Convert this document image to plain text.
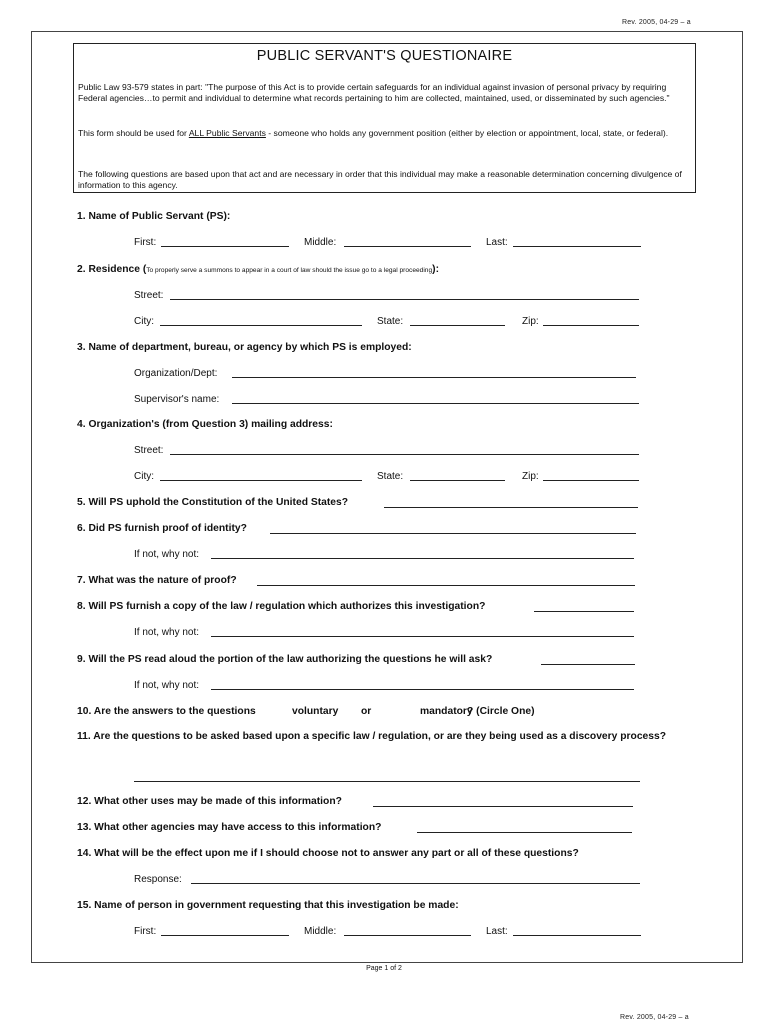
Rev. 2005, 04-29 – a
PUBLIC SERVANT'S QUESTIONAIRE
Public Law 93-579 states in part: "The purpose of this Act is to provide certain safeguards for an individual against invasion of personal privacy by requiring Federal agencies…to permit and individual to determine what records pertaining to him are collected, maintained, used, or disseminated by such agencies."
This form should be used for ALL Public Servants - someone who holds any government position (either by election or appointment, local, state, or federal).
The following questions are based upon that act and are necessary in order that this individual may make a reasonable determination concerning divulgence of information to this agency.
1. Name of Public Servant (PS):
First:	Middle:	Last:
2. Residence (To properly serve a summons to appear in a court of law should the issue go to a legal proceeding):
Street:
City:	State:	Zip:
3. Name of department, bureau, or agency by which PS is employed:
Organization/Dept:
Supervisor's name:
4. Organization's (from Question 3) mailing address:
Street:
City:	State:	Zip:
5. Will PS uphold the Constitution of the United States?
6. Did PS furnish proof of identity?
If not, why not:
7. What was the nature of proof?
8. Will PS furnish a copy of the law / regulation which authorizes this investigation?
If not, why not:
9. Will the PS read aloud the portion of the law authorizing the questions he will ask?
If not, why not:
10. Are the answers to the questions	voluntary or	mandatory
? (Circle One)
11. Are the questions to be asked based upon a specific law / regulation, or are they being used as a discovery process?
12. What other uses may be made of this information?
13. What other agencies may have access to this information?
14. What will be the effect upon me if I should choose not to answer any part or all of these questions?
Response:
15. Name of person in government requesting that this investigation be made:
First:	Middle:	Last:
Page 1 of 2
Rev. 2005, 04-29 – a
